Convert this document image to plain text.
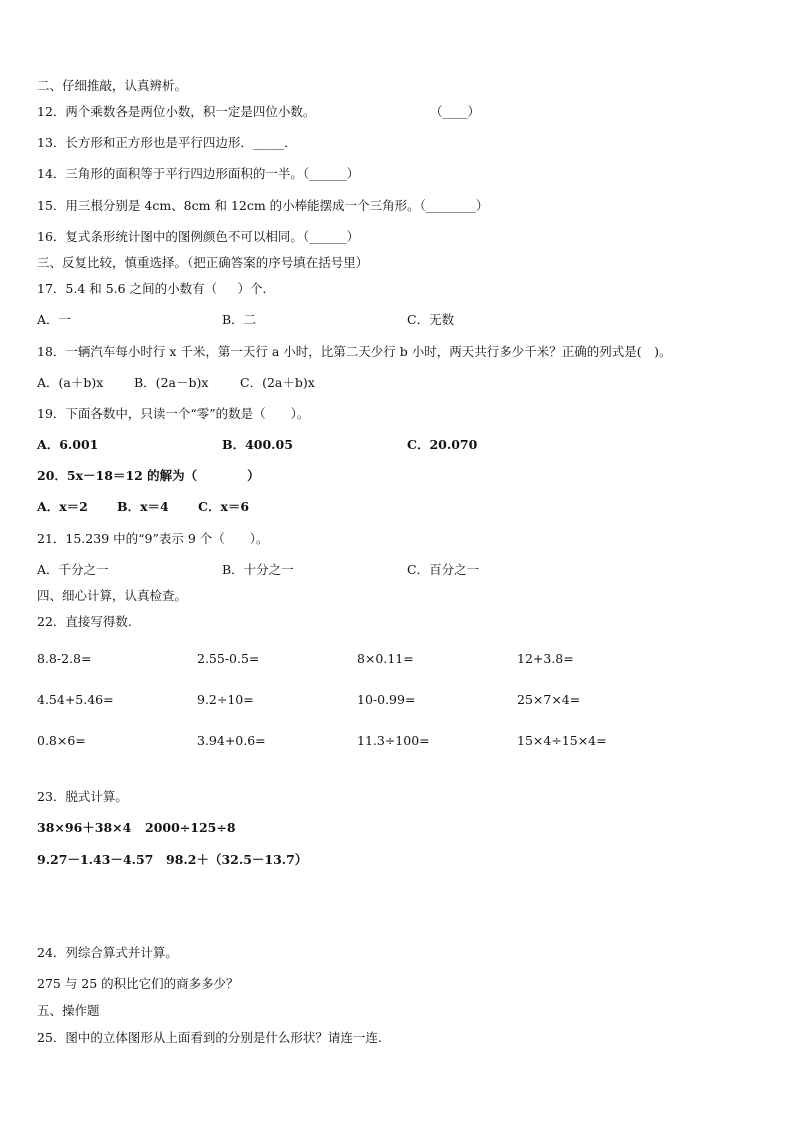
二、仔细推敲，认真辨析。
12．两个乘数各是两位小数，积一定是四位小数。	（____）
13．长方形和正方形也是平行四边形．_____．
14．三角形的面积等于平行四边形面积的一半。（______）
15．用三根分别是 4cm、8cm 和 12cm 的小棒能摆成一个三角形。（________）
16．复式条形统计图中的图例颜色不可以相同。（______）
三、反复比较，慎重选择。（把正确答案的序号填在括号里）
17．5.4 和 5.6 之间的小数有（　  ）个．
A．一	B．二	C．无数
18．一辆汽车每小时行 x 千米，第一天行 a 小时，比第二天少行 b 小时，两天共行多少千米？正确的列式是(　)。
A．(a＋b)x B．(2a－b)x	C．(2a＋b)x
19．下面各数中，只读一个“零”的数是（　　）。
A．6.001	B．400.05	C．20.070
20．5x－18＝12 的解为（　　　　）
A．x＝2 B．x＝4 C．x＝6
21．15.239 中的“9”表示 9 个（　　）。
A．千分之一	B．十分之一	C．百分之一
四、细心计算，认真检查。
22．直接写得数.
8.8-2.8=	2.55-0.5=	8×0.11=	12+3.8=
4.54+5.46=	9.2÷10=	10-0.99=	25×7×4=
0.8×6=	3.94+0.6=	11.3÷100=	15×4÷15×4=
23．脱式计算。
38×96＋38×4 2000÷125÷8
9.27－1.43－4.57 98.2＋（32.5－13.7）
24．列综合算式并计算。
275 与 25 的积比它们的商多多少？
五、操作题
25．图中的立体图形从上面看到的分别是什么形状？请连一连.
